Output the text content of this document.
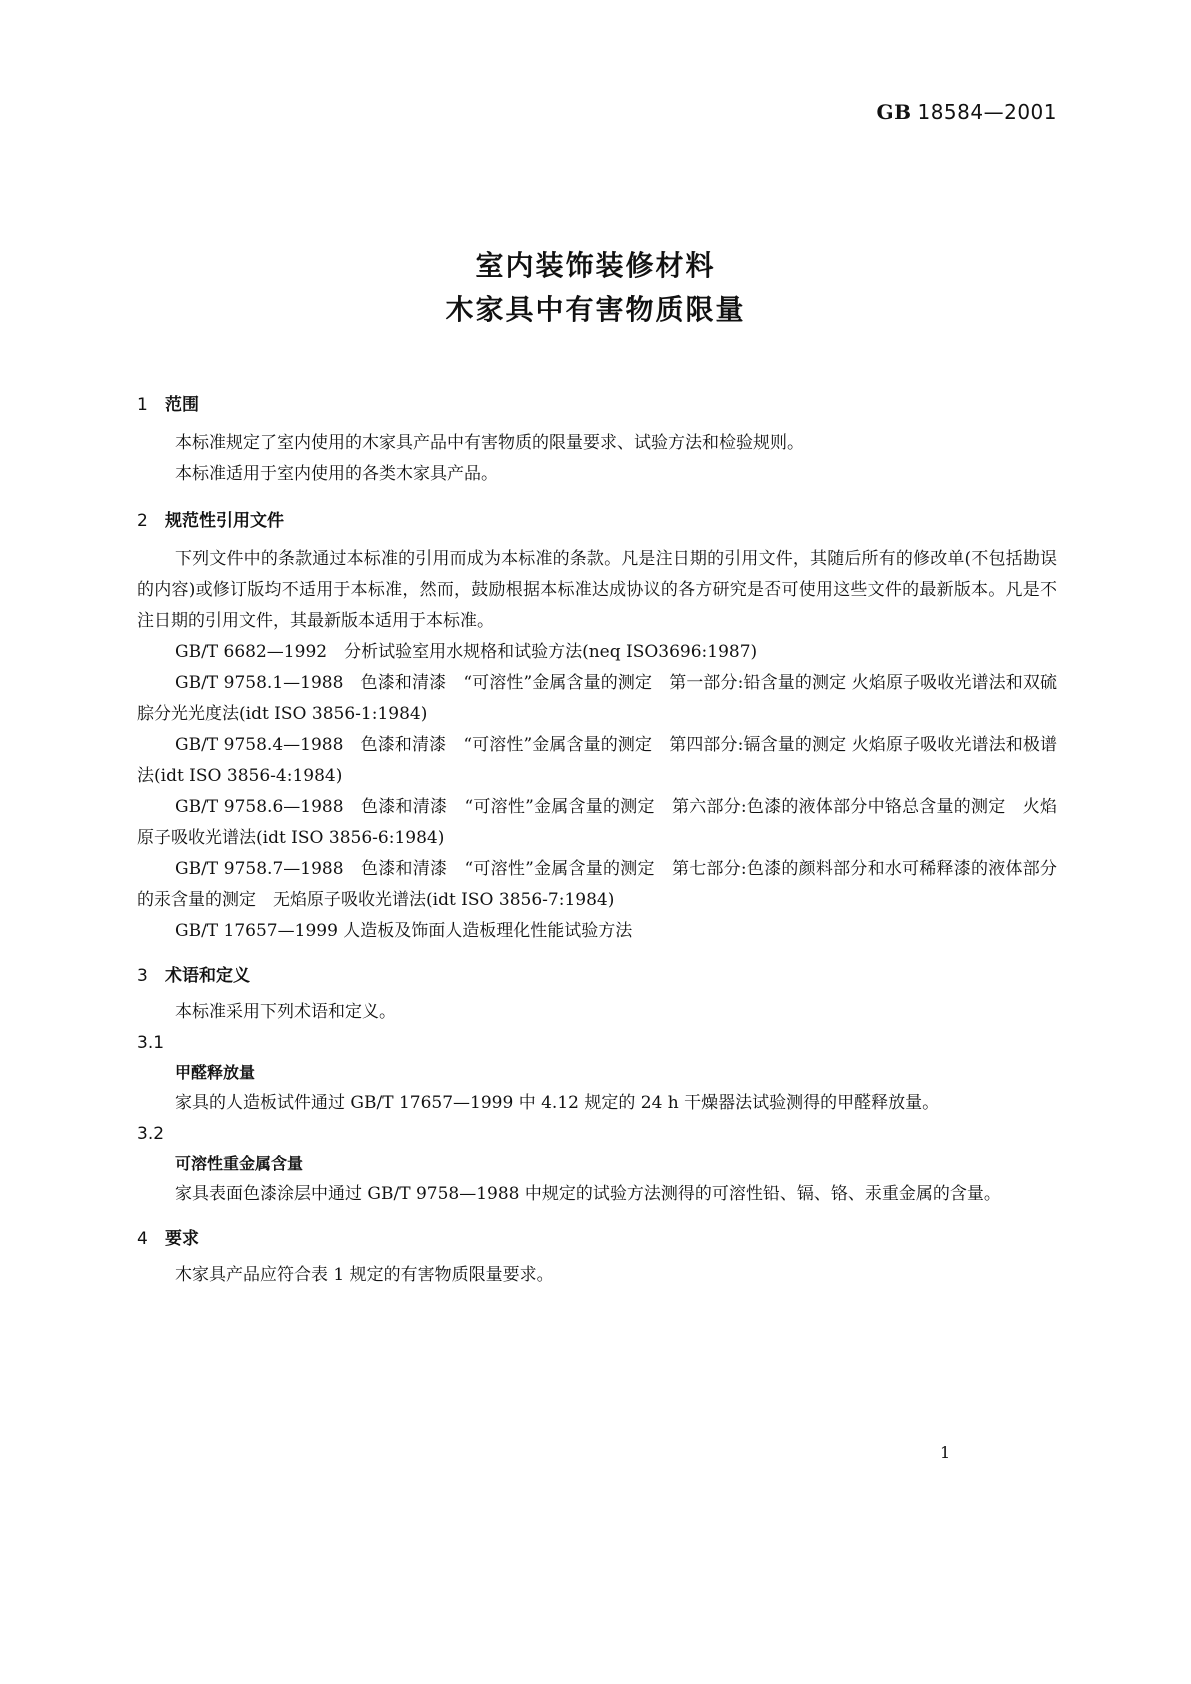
GB 18584—2001
室内装饰装修材料
木家具中有害物质限量
1 范围

本标准规定了室内使用的木家具产品中有害物质的限量要求、试验方法和检验规则。

本标准适用于室内使用的各类木家具产品。

2 规范性引用文件

下列文件中的条款通过本标准的引用而成为本标准的条款。凡是注日期的引用文件，其随后所有的修改单(不包括勘误的内容)或修订版均不适用于本标准，然而，鼓励根据本标准达成协议的各方研究是否可使用这些文件的最新版本。凡是不注日期的引用文件，其最新版本适用于本标准。

GB/T 6682—1992　分析试验室用水规格和试验方法(neq ISO3696:1987)

GB/T 9758.1—1988　色漆和清漆　“可溶性”金属含量的测定　第一部分:铅含量的测定 火焰原子吸收光谱法和双硫腙分光光度法(idt ISO 3856-1:1984)

GB/T 9758.4—1988　色漆和清漆　“可溶性”金属含量的测定　第四部分:镉含量的测定 火焰原子吸收光谱法和极谱法(idt ISO 3856-4:1984)

GB/T 9758.6—1988　色漆和清漆　“可溶性”金属含量的测定　第六部分:色漆的液体部分中铬总含量的测定　火焰原子吸收光谱法(idt ISO 3856-6:1984)

GB/T 9758.7—1988　色漆和清漆　“可溶性”金属含量的测定　第七部分:色漆的颜料部分和水可稀释漆的液体部分的汞含量的测定　无焰原子吸收光谱法(idt ISO 3856-7:1984)

GB/T 17657—1999 人造板及饰面人造板理化性能试验方法

3 术语和定义

本标准采用下列术语和定义。

3.1
甲醛释放量

家具的人造板试件通过 GB/T 17657—1999 中 4.12 规定的 24 h 干燥器法试验测得的甲醛释放量。

3.2
可溶性重金属含量

家具表面色漆涂层中通过 GB/T 9758—1988 中规定的试验方法测得的可溶性铅、镉、铬、汞重金属的含量。

4 要求

木家具产品应符合表 1 规定的有害物质限量要求。

1
